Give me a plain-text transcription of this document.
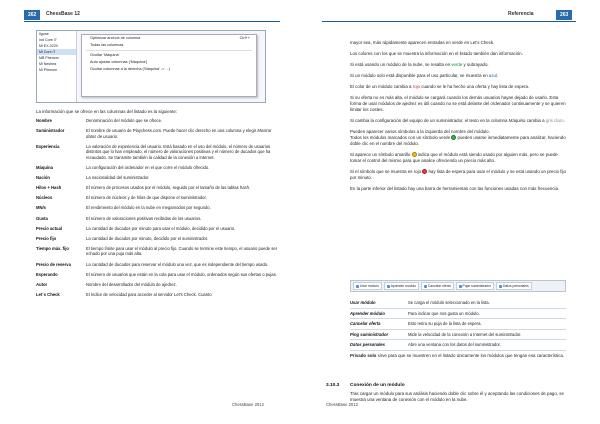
262	ChessBase 12
Ilgune
Ind Core i7
Mi EX-3220
Mi Core i7
MB Phenom
Mi Neshea
Mi Phenom
Optimizar anchos de columna	Ctrl++
Todas las columnas
Ocultar 'Máquina'
Auto ajustar columnas ('Máquina')
Ocultar columnas a la derecha ('Máquina' -> ...)
La información que se ofrece en las columnas del listado es la siguiente:
Nombre	Denominación del módulo que se ofrece.
Suministrador	El nombre de usuario de Playchess.com. Puede hacer clic derecho en una columna y elegir Mostrar datos de usuario.
Experiencia	La valoración de experiencia del usuario. Está basado en el uso del módulo, el número de usuarios distintos que lo han empleado, el número de valoraciones positivas y el número de ducados que ha recaudado. Se transmite también la calidad de la conexión a Internet.
Máquina	La configuración del ordenador en el que corre el módulo ofrecido.
Nación	La nacionalidad del suministrador.
Hilos + Hash	El número de procesos usados por el módulo, seguido por el tamaño de las tablas hash.
Núcleos	El número de núcleos y de hilos de que dispone el suministrador.
MN/s	El rendimiento del módulo en la nube en megamodos por segundo.
Gusta	El número de valoraciones positivas recibidas de los usuarios.
Precio actual	La cantidad de ducados por minuto para usar el módulo, decidido por el usuario.
Precio fijo	La cantidad de ducados por minuto, decidido por el suministrador.
Tiempo máx. fijo	El tiempo límite para usar el módulo al precio fijo. Cuando se termine este tiempo, el usuario puede ser echado por una puja más alta.
Precio de reserva	La cantidad de ducados para reservar el módulo una vez, que es independiente del tiempo usado.
Esperando	El número de usuarios que están en la cola para usar el módulo, ordenados según sus ofertas o pujas.
Autor	Nombre del desarrollador del módulo de ajedrez.
Let´s Check	El índice de velocidad para acceder al servidor Let's Check. Cuanto
ChessBase 2012
Referencia	263

mayor sea, más rápidamente aparecen entradas en verde en Let's Check.

Los colores con los que se muestra la información en el listado también dan información.

Si está usando un módulo de la nube, se resalta en verde y subrayado.

Si un módulo solo está disponible para el uso particular, se muestra en azul.

El color de un módulo cambia a rojo cuando se le ha hecho una oferta y hay lista de espera.

Si su oferta no es más alta, el módulo se cargará cuando los demás usuarios hayan dejado de usarlo. Esta forma de usar módulos de ajedrez es útil cuando no se está delante del ordenador continuamente y se quieren limitar los costes.

Si cambia la configuración del equipo de un suministrador, el texto en la columna Máquina cambia a gris claro.

Pueden aparecer varios símbolos a la izquierda del nombre del módulo.

Todos los módulos marcados con un símbolo verde pueden usarse inmediatamente para analizar, haciendo doble clic en el nombre del módulo.

Si aparece un símbolo amarillo indica que el módulo está siendo usado por alguien más, pero se puede tomar el control del mismo para que analice ofreciendo un precio más alto.

Si el símbolo que se muestra es rojo hay lista de espera para usar el módulo y se está usando un precio fijo por minuto.

En la parte inferior del listado hay una barra de herramientas con las funciones usadas con más frecuencia.

Usar módulo	Aprender módulo	Cancelar oferta	Pujar suministrador	Datos personales
Usar módulo	Se carga el módulo seleccionado en la lista.
Aprender módulo	Para indicar que nos gusta un módulo.
Cancelar oferta	Esto retira su puja de la lista de espera.
Ping suministrador	Mide la velocidad de la conexión a Internet del suministrador.
Datos personales	Abre una ventana con los datos del suministrador.
Privado solo sirve para que se muestren en el listado únicamente los módulos que tengan esa característica.
3.10.3 Conexión de un módulo
Tras cargar un módulo para sus análisis haciendo doble clic sobre él y aceptando las condiciones de pago, se muestra una ventana de conexión con el módulo en la nube.
ChessBase 2012
